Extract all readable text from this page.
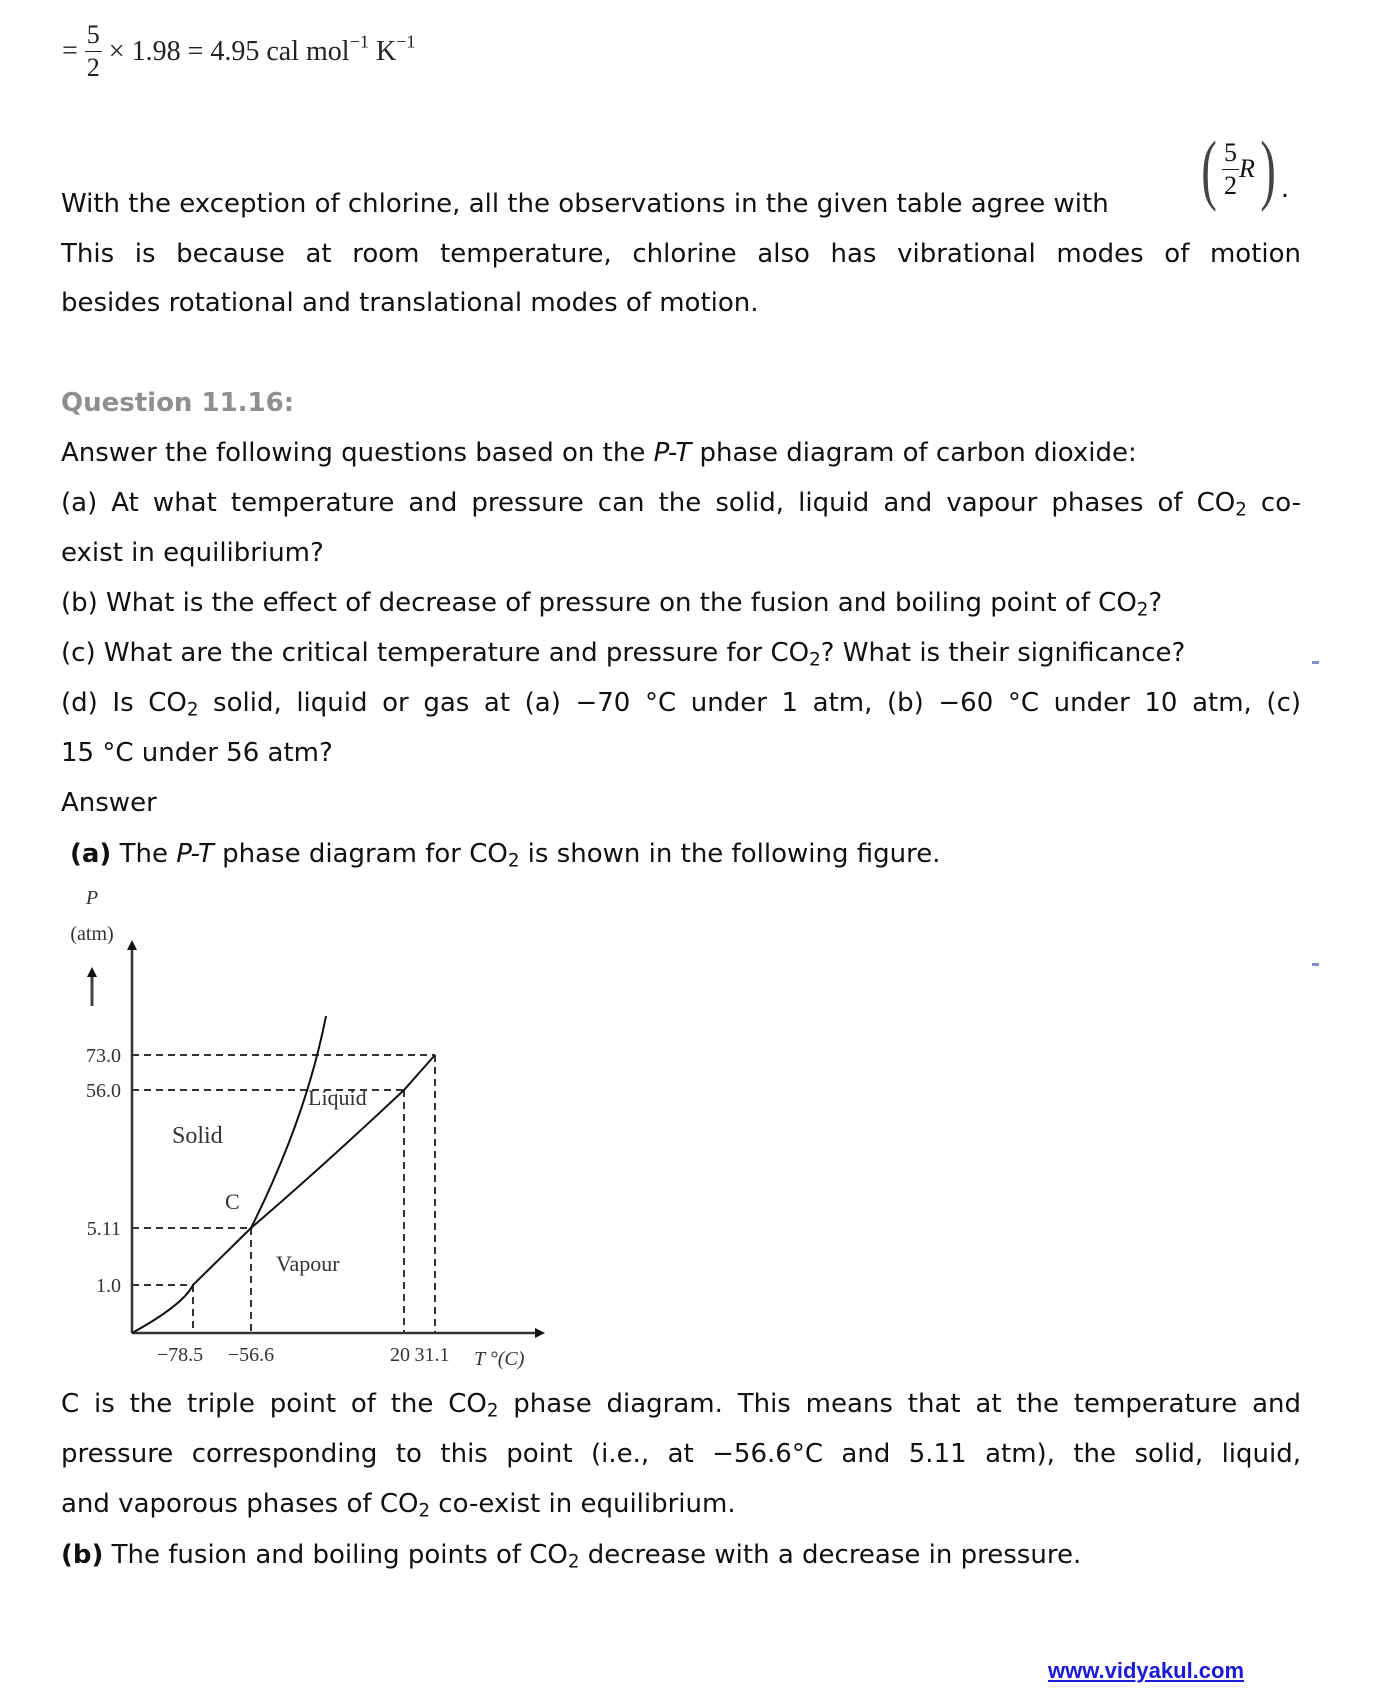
= $\frac{5}{2} \times 1.98 = 4.95$ cal mol$^{-1}$ $K^{-1}$
With the exception of chlorine, all the observations in the given table agree with ( $\frac{5}{2} R$) .
This is because at room temperature, chlorine also has vibrational modes of motion
besides rotational and translational modes of motion.
Question 11.16:
Answer the following questions based on the P-T phase diagram of carbon dioxide:
(a) At what temperature and pressure can the solid, liquid and vapour phases of $CO_2$ co-
exist in equilibrium?
(b) What is the effect of decrease of pressure on the fusion and boiling point of $CO_2$?
(c) What are the critical temperature and pressure for $CO_2$? What is their significance?
(d) Is $CO_2$ solid, liquid or gas at (a) −70 °C under 1 atm, (b) −60 °C under 10 atm, (c)
15 °C under 56 atm?
Answer
(a) The P-T phase diagram for $CO_2$ is shown in the following figure.
P
(atm)
Solid
Liquid
Vapour
C
73.0
56.0
5.11
1.0
−78.5 −56.6	20 31.1 T °(C)
C is the triple point of the $CO_2$ phase diagram. This means that at the temperature and
pressure corresponding to this point (i.e., at −56.6°C and 5.11 atm), the solid, liquid,
and vaporous phases of $CO_2$ co-exist in equilibrium.
(b) The fusion and boiling points of $CO_2$ decrease with a decrease in pressure.
www.vidyakul.com
